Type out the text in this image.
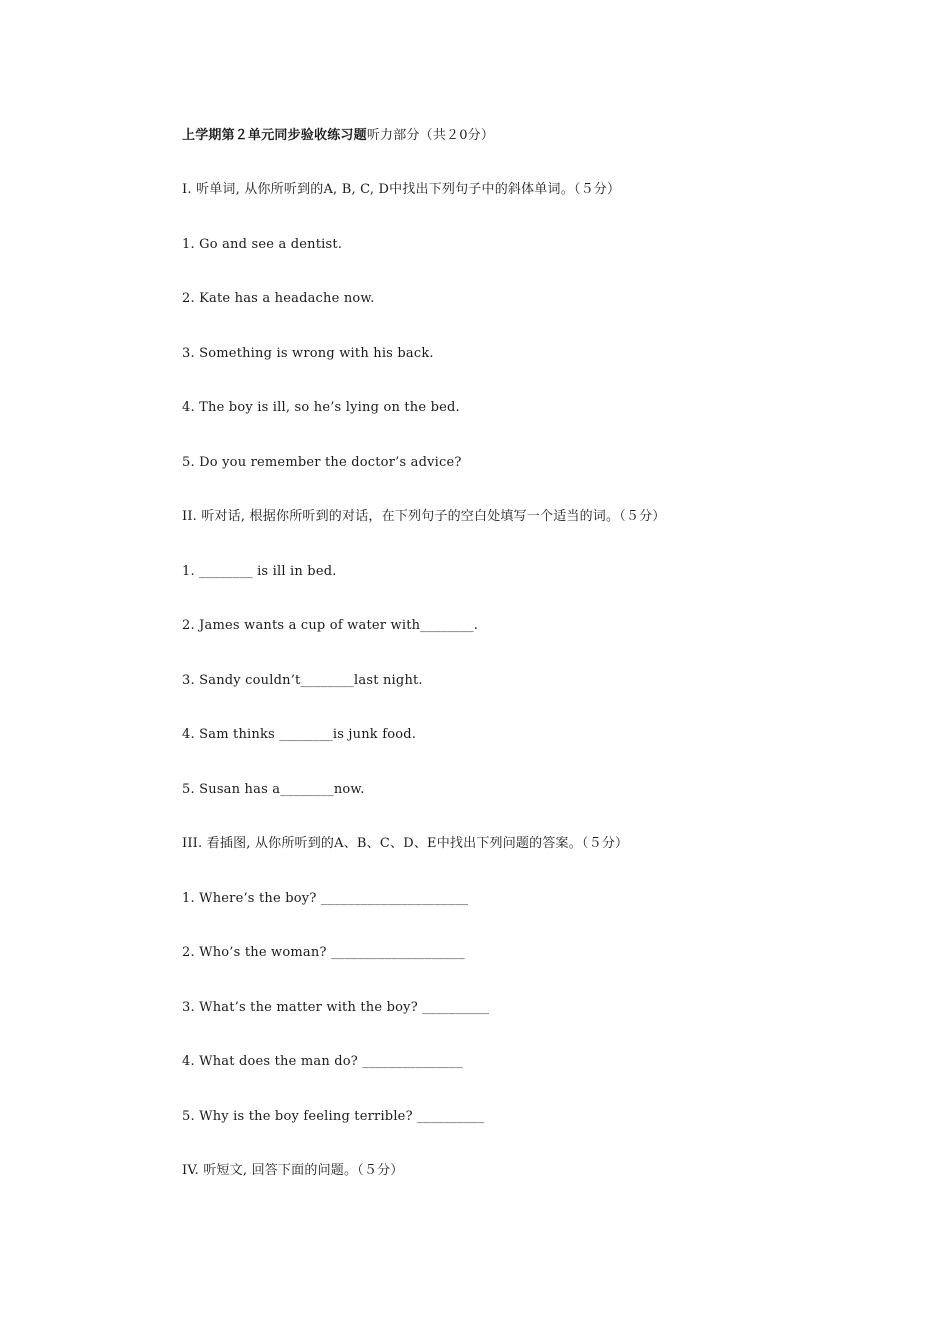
上学期第２单元同步验收练习题听力部分（共２0分）
I. 听单词, 从你所听到的A, B, C, D中找出下列句子中的斜体单词。（５分）
1. Go and see a dentist.
2. Kate has a headache now.
3. Something is wrong with his back.
4. The boy is ill, so he’s lying on the bed.
5. Do you remember the doctor’s advice?
II. 听对话, 根据你所听到的对话，在下列句子的空白处填写一个适当的词。（５分）
1. ________ is ill in bed.
2. James wants a cup of water with________.
3. Sandy couldn’t________last night.
4. Sam thinks ________is junk food.
5. Susan has a________now.
III. 看插图, 从你所听到的A、B、C、D、E中找出下列问题的答案。（５分）
1. Where’s the boy? ______________________
2. Who’s the woman? ____________________
3. What’s the matter with the boy? __________
4. What does the man do? _______________
5. Why is the boy feeling terrible? __________
IV. 听短文, 回答下面的问题。（５分）
